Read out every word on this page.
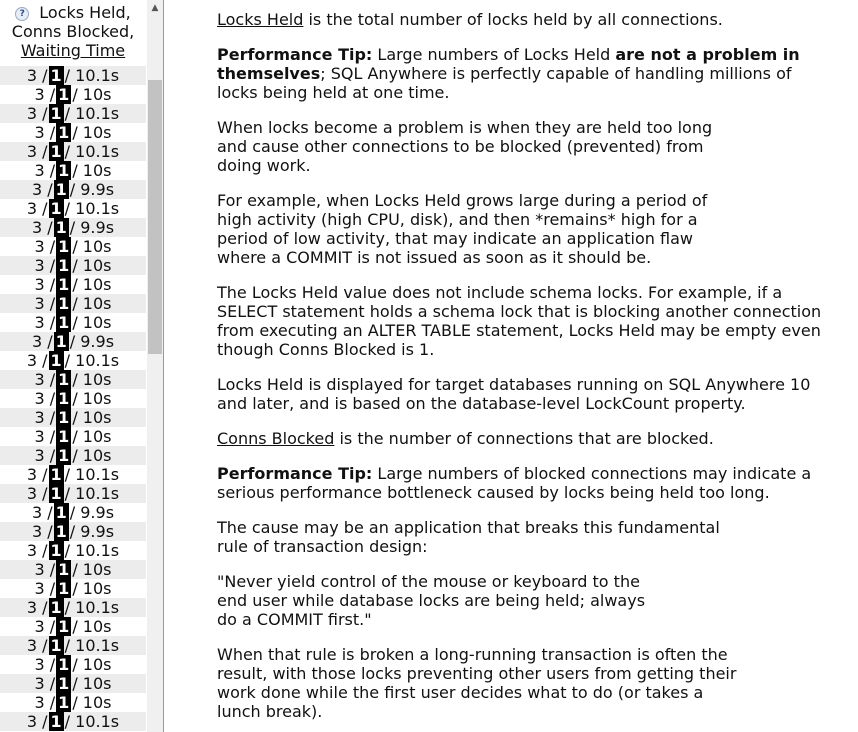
? Locks Held,
Conns Blocked,
Waiting Time
3 / 1 / 10.1s
3 / 1 / 10s
3 / 1 / 10.1s
3 / 1 / 10s
3 / 1 / 10.1s
3 / 1 / 10s
3 / 1 / 9.9s
3 / 1 / 10.1s
3 / 1 / 9.9s
3 / 1 / 10s
3 / 1 / 10s
3 / 1 / 10s
3 / 1 / 10s
3 / 1 / 10s
3 / 1 / 9.9s
3 / 1 / 10.1s
3 / 1 / 10s
3 / 1 / 10s
3 / 1 / 10s
3 / 1 / 10s
3 / 1 / 10s
3 / 1 / 10.1s
3 / 1 / 10.1s
3 / 1 / 9.9s
3 / 1 / 9.9s
3 / 1 / 10.1s
3 / 1 / 10s
3 / 1 / 10s
3 / 1 / 10.1s
3 / 1 / 10s
3 / 1 / 10.1s
3 / 1 / 10s
3 / 1 / 10s
3 / 1 / 10s
3 / 1 / 10.1s
▲

Locks Held is the total number of locks held by all connections.

Performance Tip: Large numbers of Locks Held are not a problem in themselves; SQL Anywhere is perfectly capable of handling millions of locks being held at one time.

When locks become a problem is when they are held too long and cause other connections to be blocked (prevented) from doing work.

For example, when Locks Held grows large during a period of high activity (high CPU, disk), and then *remains* high for a period of low activity, that may indicate an application flaw where a COMMIT is not issued as soon as it should be.

The Locks Held value does not include schema locks. For example, if a SELECT statement holds a schema lock that is blocking another connection from executing an ALTER TABLE statement, Locks Held may be empty even though Conns Blocked is 1.

Locks Held is displayed for target databases running on SQL Anywhere 10 and later, and is based on the database-level LockCount property.

Conns Blocked is the number of connections that are blocked.

Performance Tip: Large numbers of blocked connections may indicate a serious performance bottleneck caused by locks being held too long.

The cause may be an application that breaks this fundamental rule of transaction design:

"Never yield control of the mouse or keyboard to the end user while database locks are being held; always do a COMMIT first."

When that rule is broken a long-running transaction is often the result, with those locks preventing other users from getting their work done while the first user decides what to do (or takes a lunch break).
